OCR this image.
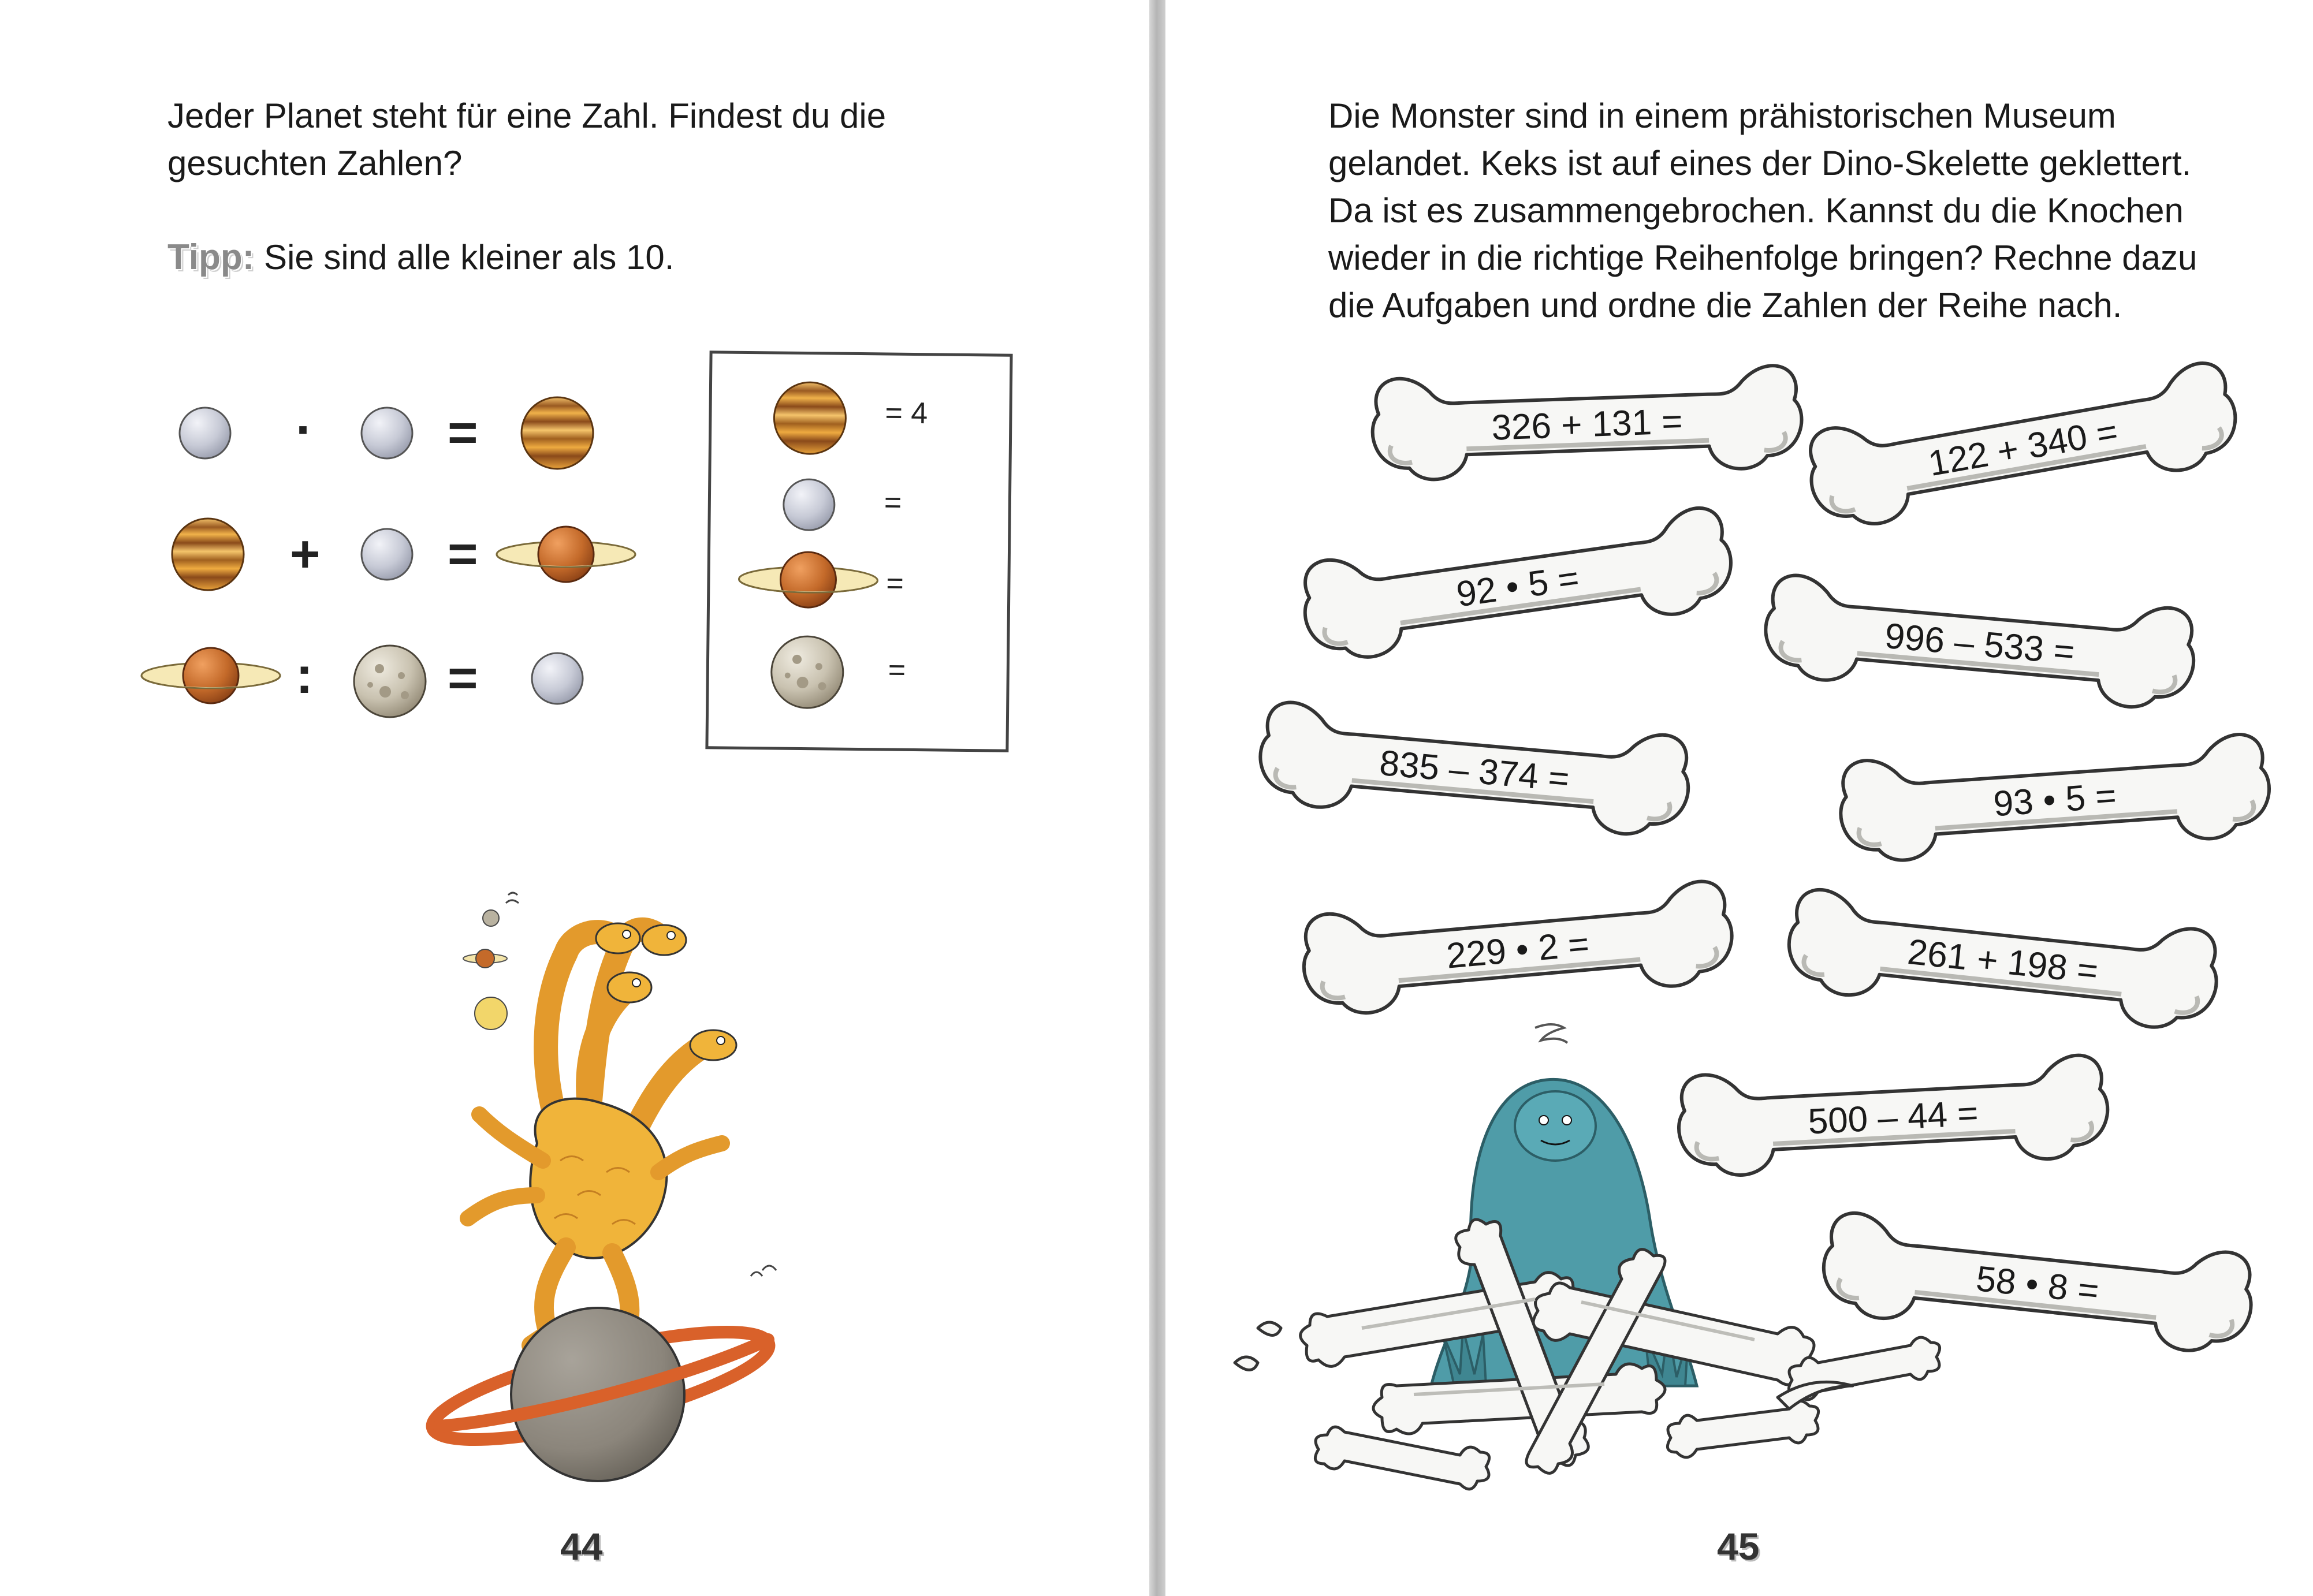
Jeder Planet steht für eine Zahl. Findest du die
gesuchten Zahlen?

Tipp: Sie sind alle kleiner als 10.

·	=
+ =
:	=
= 4
=
=
=
44

Die Monster sind in einem prähistorischen Museum
gelandet. Keks ist auf eines der Dino-Skelette geklettert.
Da ist es zusammengebrochen. Kannst du die Knochen
wieder in die richtige Reihenfolge bringen? Rechne dazu
die Aufgaben und ordne die Zahlen der Reihe nach.

326 + 131 =	122 + 340 =
92 • 5 =
996 – 533 =
835 – 374 =
93 • 5 =
229 • 2 =	261 + 198 =
500 – 44 =
58 • 8 =
45
